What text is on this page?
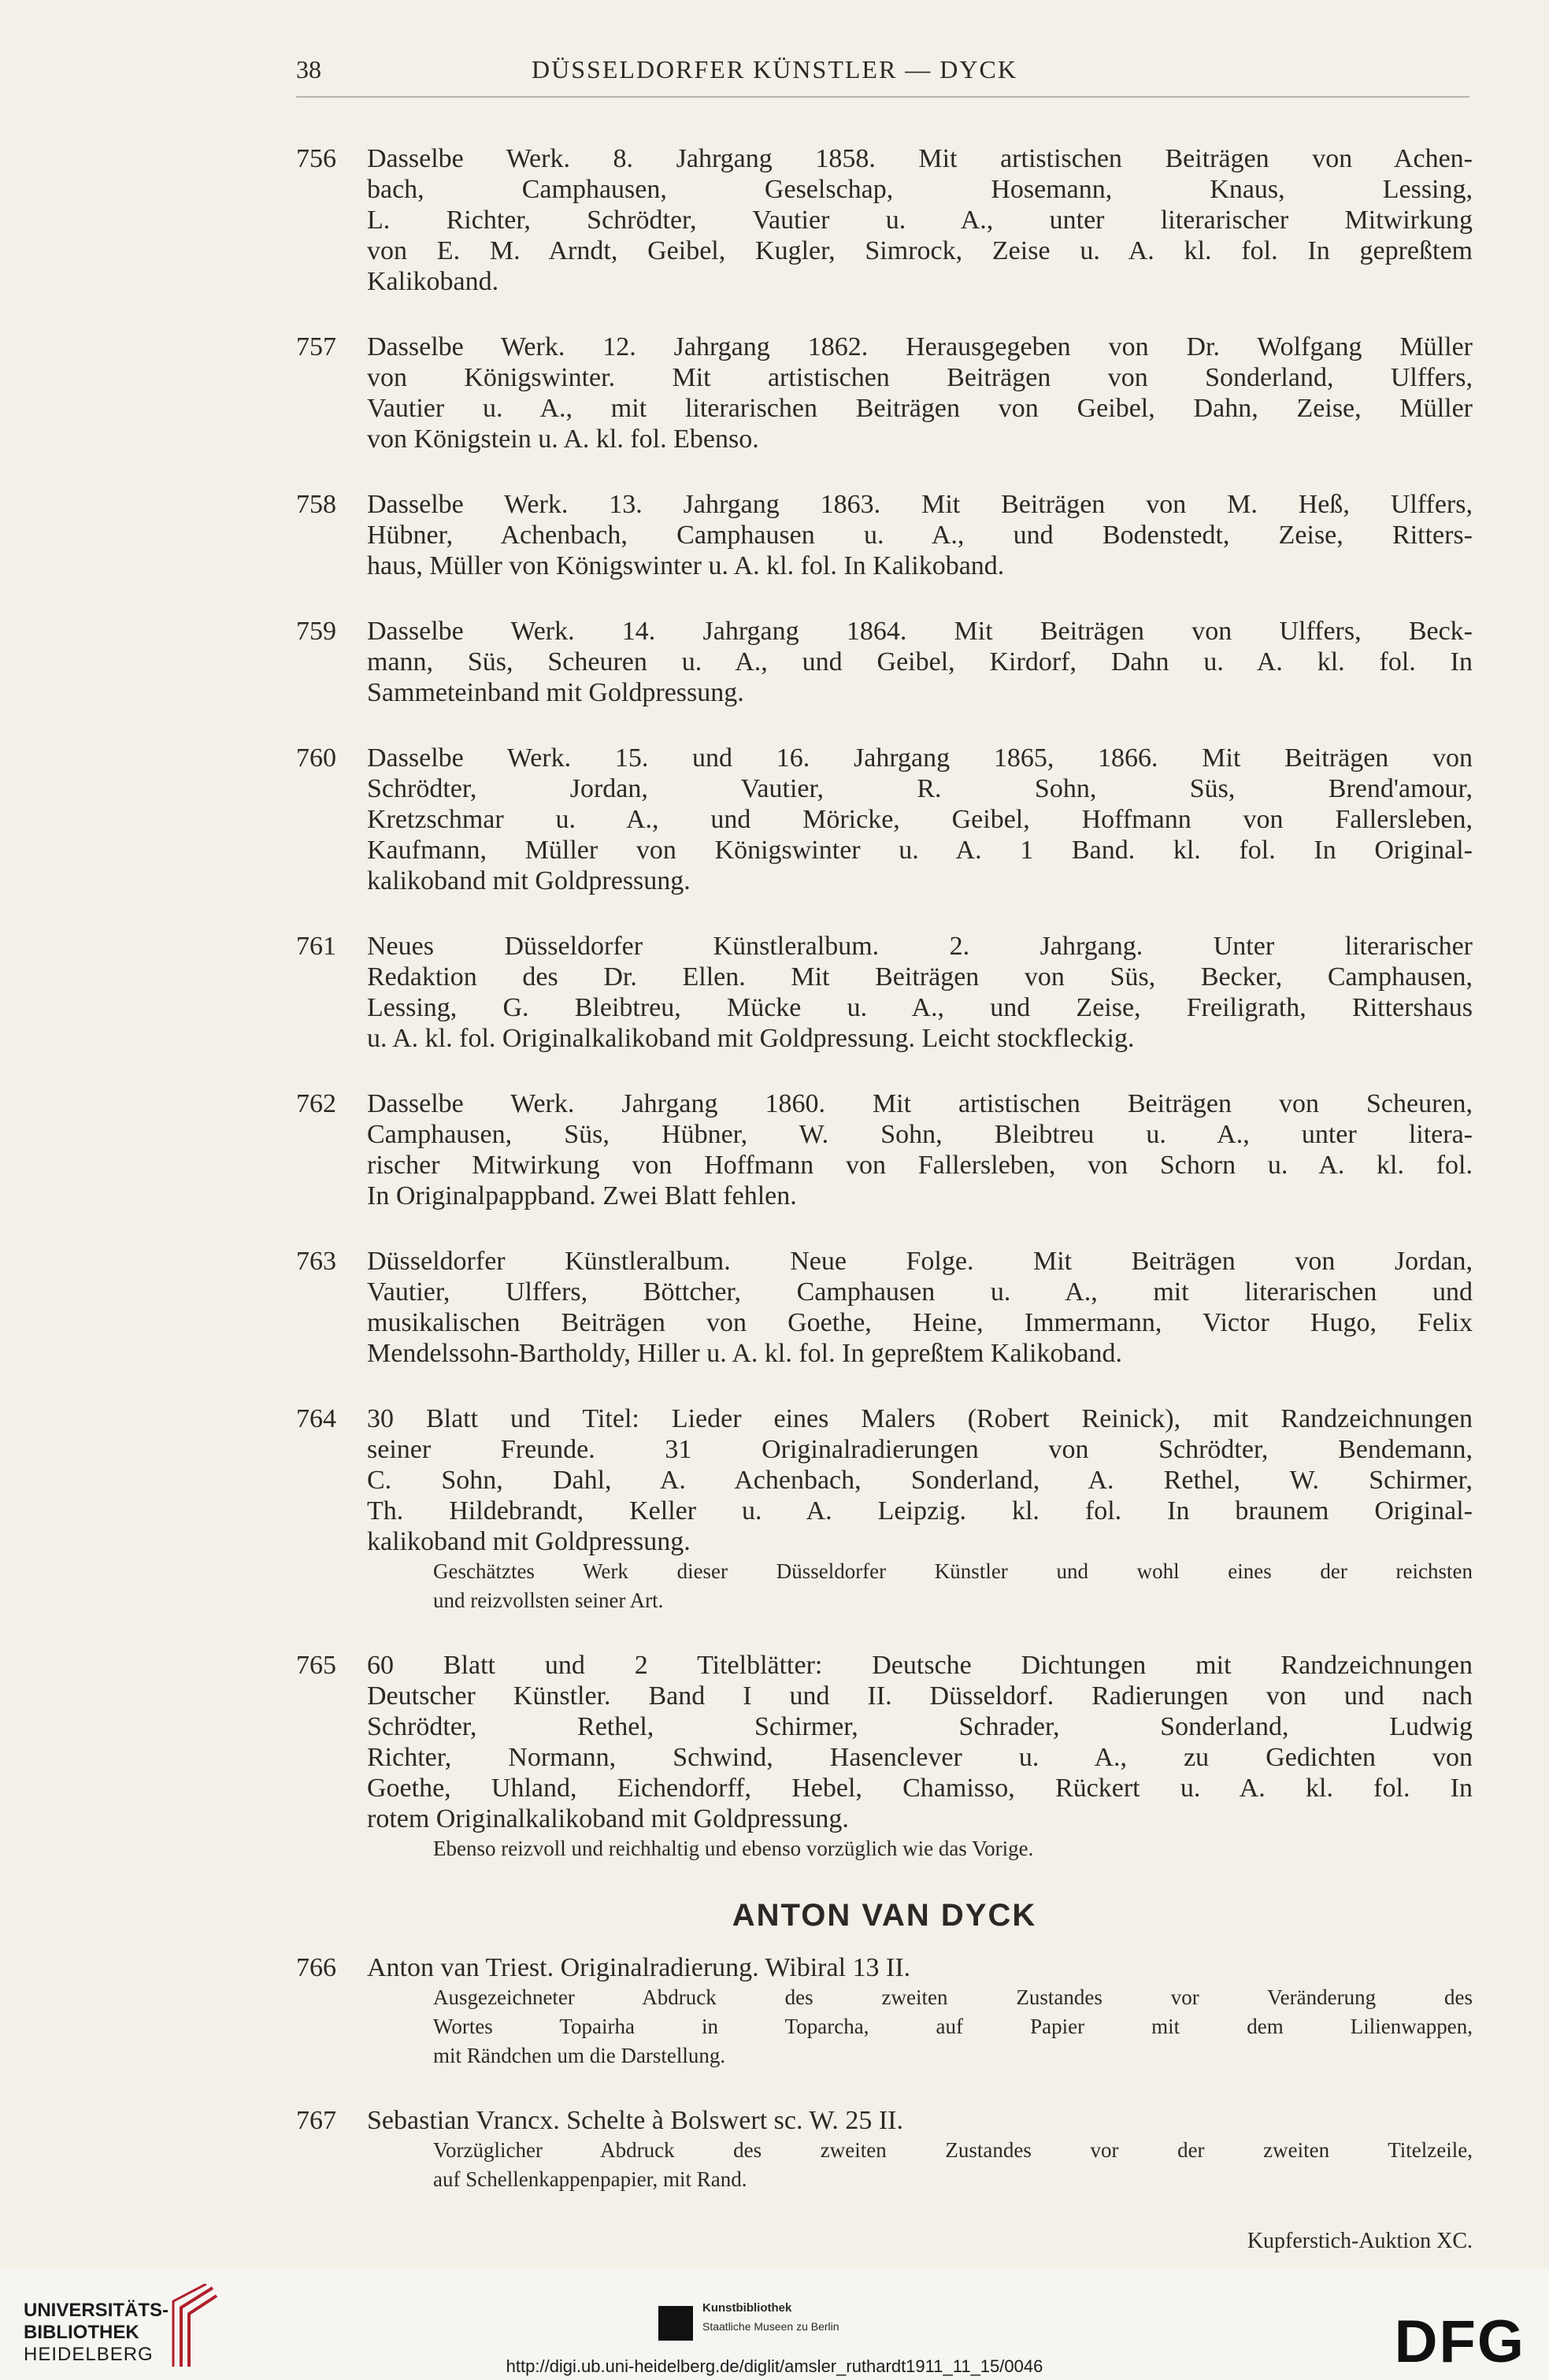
38	DÜSSELDORFER KÜNSTLER — DYCK
756	Dasselbe Werk. 8. Jahrgang 1858. Mit artistischen Beiträgen von Achen-
bach, Camphausen, Geselschap, Hosemann, Knaus, Lessing,
L. Richter, Schrödter, Vautier u. A., unter literarischer Mitwirkung
von E. M. Arndt, Geibel, Kugler, Simrock, Zeise u. A. kl. fol. In gepreßtem
Kalikoband.
757	Dasselbe Werk. 12. Jahrgang 1862. Herausgegeben von Dr. Wolfgang Müller
von Königswinter. Mit artistischen Beiträgen von Sonderland, Ulffers,
Vautier u. A., mit literarischen Beiträgen von Geibel, Dahn, Zeise, Müller
von Königstein u. A. kl. fol. Ebenso.
758	Dasselbe Werk. 13. Jahrgang 1863. Mit Beiträgen von M. Heß, Ulffers,
Hübner, Achenbach, Camphausen u. A., und Bodenstedt, Zeise, Ritters-
haus, Müller von Königswinter u. A. kl. fol. In Kalikoband.
759	Dasselbe Werk. 14. Jahrgang 1864. Mit Beiträgen von Ulffers, Beck-
mann, Süs, Scheuren u. A., und Geibel, Kirdorf, Dahn u. A. kl. fol. In
Sammeteinband mit Goldpressung.
760	Dasselbe Werk. 15. und 16. Jahrgang 1865, 1866. Mit Beiträgen von
Schrödter, Jordan, Vautier, R. Sohn, Süs, Brend'amour,
Kretzschmar u. A., und Möricke, Geibel, Hoffmann von Fallersleben,
Kaufmann, Müller von Königswinter u. A. 1 Band. kl. fol. In Original-
kalikoband mit Goldpressung.
761	Neues Düsseldorfer Künstleralbum. 2. Jahrgang. Unter literarischer
Redaktion des Dr. Ellen. Mit Beiträgen von Süs, Becker, Camphausen,
Lessing, G. Bleibtreu, Mücke u. A., und Zeise, Freiligrath, Rittershaus
u. A. kl. fol. Originalkalikoband mit Goldpressung. Leicht stockfleckig.
762	Dasselbe Werk. Jahrgang 1860. Mit artistischen Beiträgen von Scheuren,
Camphausen, Süs, Hübner, W. Sohn, Bleibtreu u. A., unter litera-
rischer Mitwirkung von Hoffmann von Fallersleben, von Schorn u. A. kl. fol.
In Originalpappband. Zwei Blatt fehlen.
763	Düsseldorfer Künstleralbum. Neue Folge. Mit Beiträgen von Jordan,
Vautier, Ulffers, Böttcher, Camphausen u. A., mit literarischen und
musikalischen Beiträgen von Goethe, Heine, Immermann, Victor Hugo, Felix
Mendelssohn-Bartholdy, Hiller u. A. kl. fol. In gepreßtem Kalikoband.
764	30 Blatt und Titel: Lieder eines Malers (Robert Reinick), mit Randzeichnungen
seiner Freunde. 31 Originalradierungen von Schrödter, Bendemann,
C. Sohn, Dahl, A. Achenbach, Sonderland, A. Rethel, W. Schirmer,
Th. Hildebrandt, Keller u. A. Leipzig. kl. fol. In braunem Original-
kalikoband mit Goldpressung.
Geschätztes Werk dieser Düsseldorfer Künstler und wohl eines der reichsten
und reizvollsten seiner Art.
765	60 Blatt und 2 Titelblätter: Deutsche Dichtungen mit Randzeichnungen
Deutscher Künstler. Band I und II. Düsseldorf. Radierungen von und nach
Schrödter, Rethel, Schirmer, Schrader, Sonderland, Ludwig
Richter, Normann, Schwind, Hasenclever u. A., zu Gedichten von
Goethe, Uhland, Eichendorff, Hebel, Chamisso, Rückert u. A. kl. fol. In
rotem Originalkalikoband mit Goldpressung.
Ebenso reizvoll und reichhaltig und ebenso vorzüglich wie das Vorige.
ANTON VAN DYCK
766	Anton van Triest. Originalradierung. Wibiral 13 II.
Ausgezeichneter Abdruck des zweiten Zustandes vor Veränderung des
Wortes Topairha in Toparcha, auf Papier mit dem Lilienwappen,
mit Rändchen um die Darstellung.
767	Sebastian Vrancx. Schelte à Bolswert sc. W. 25 II.
Vorzüglicher Abdruck des zweiten Zustandes vor der zweiten Titelzeile,
auf Schellenkappenpapier, mit Rand.
Kupferstich-Auktion XC.
UNIVERSITÄTS-
BIBLIOTHEK
HEIDELBERG
Kunstbibliothek
Staatliche Museen zu Berlin	DFG
http://digi.ub.uni-heidelberg.de/diglit/amsler_ruthardt1911_11_15/0046
